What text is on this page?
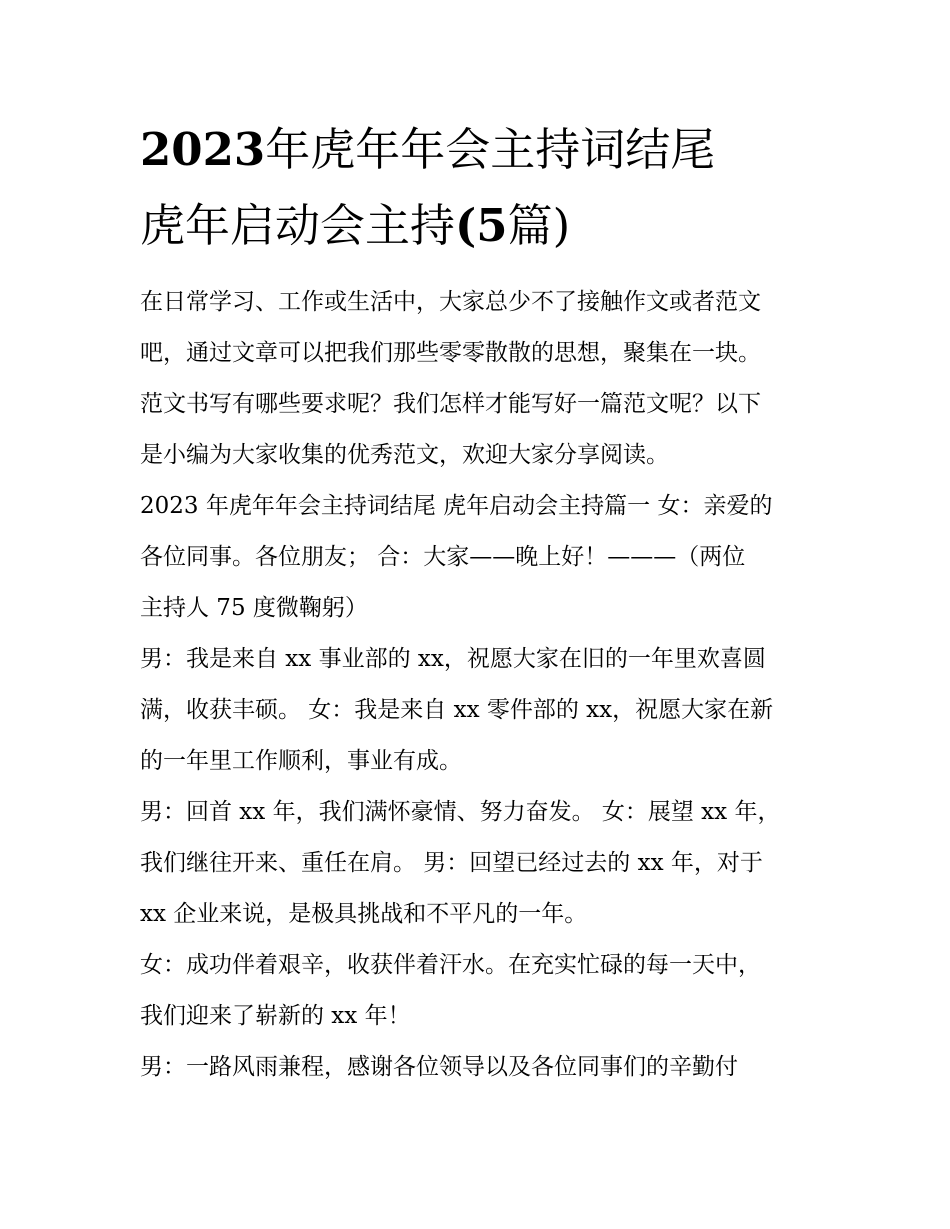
2023年虎年年会主持词结尾
虎年启动会主持(5篇)
在日常学习、工作或生活中，大家总少不了接触作文或者范文
吧，通过文章可以把我们那些零零散散的思想，聚集在一块。
范文书写有哪些要求呢？我们怎样才能写好一篇范文呢？以下
是小编为大家收集的优秀范文，欢迎大家分享阅读。
2023 年虎年年会主持词结尾 虎年启动会主持篇一 女：亲爱的
各位同事。各位朋友； 合：大家——晚上好！———（两位
主持人 75 度微鞠躬）
男：我是来自 xx 事业部的 xx，祝愿大家在旧的一年里欢喜圆
满，收获丰硕。 女：我是来自 xx 零件部的 xx，祝愿大家在新
的一年里工作顺利，事业有成。
男：回首 xx 年，我们满怀豪情、努力奋发。 女：展望 xx 年，
我们继往开来、重任在肩。 男：回望已经过去的 xx 年，对于
xx 企业来说，是极具挑战和不平凡的一年。
女：成功伴着艰辛，收获伴着汗水。在充实忙碌的每一天中，
我们迎来了崭新的 xx 年！
男：一路风雨兼程，感谢各位领导以及各位同事们的辛勤付
